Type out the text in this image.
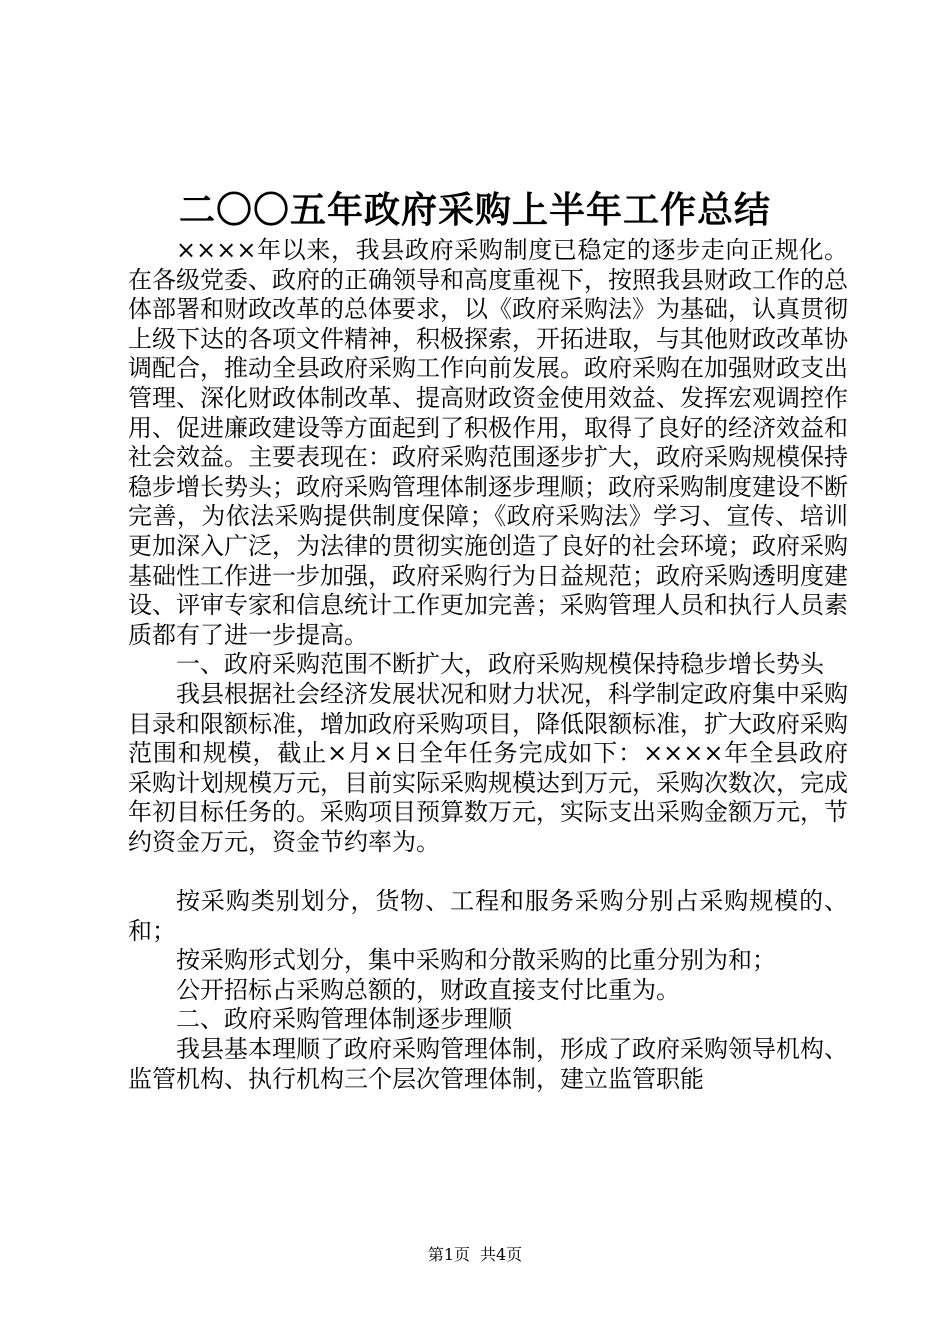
二〇〇五年政府采购上半年工作总结

××××年以来，我县政府采购制度已稳定的逐步走向正规化。在各级党委、政府的正确领导和高度重视下，按照我县财政工作的总体部署和财政改革的总体要求，以《政府采购法》为基础，认真贯彻上级下达的各项文件精神，积极探索，开拓进取，与其他财政改革协调配合，推动全县政府采购工作向前发展。政府采购在加强财政支出管理、深化财政体制改革、提高财政资金使用效益、发挥宏观调控作用、促进廉政建设等方面起到了积极作用，取得了良好的经济效益和社会效益。主要表现在：政府采购范围逐步扩大，政府采购规模保持稳步增长势头；政府采购管理体制逐步理顺；政府采购制度建设不断完善，为依法采购提供制度保障；《政府采购法》学习、宣传、培训更加深入广泛，为法律的贯彻实施创造了良好的社会环境；政府采购基础性工作进一步加强，政府采购行为日益规范；政府采购透明度建设、评审专家和信息统计工作更加完善；采购管理人员和执行人员素质都有了进一步提高。

一、政府采购范围不断扩大，政府采购规模保持稳步增长势头

我县根据社会经济发展状况和财力状况，科学制定政府集中采购目录和限额标准，增加政府采购项目，降低限额标准，扩大政府采购范围和规模，截止×月×日全年任务完成如下：××××年全县政府采购计划规模万元，目前实际采购规模达到万元，采购次数次，完成年初目标任务的。采购项目预算数万元，实际支出采购金额万元，节约资金万元，资金节约率为。

按采购类别划分，货物、工程和服务采购分别占采购规模的、和；

按采购形式划分，集中采购和分散采购的比重分别为和；

公开招标占采购总额的，财政直接支付比重为。

二、政府采购管理体制逐步理顺

我县基本理顺了政府采购管理体制，形成了政府采购领导机构、监管机构、执行机构三个层次管理体制，建立监管职能

第1页 共4页
